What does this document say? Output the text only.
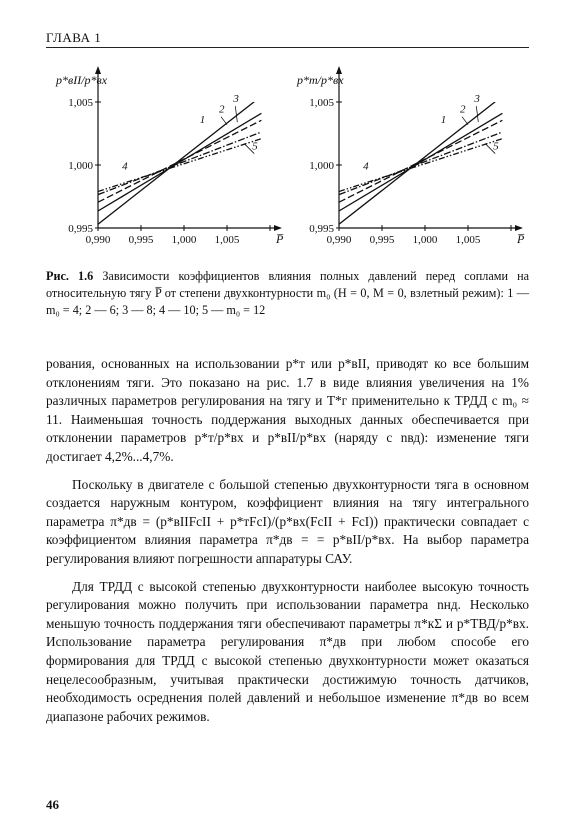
ГЛАВА 1
0,995
1,000
1,005
0,990 0,995 1,000 1,005
p*вII/p*вх
P̅
1
2
3
4
5
0,995
1,000
1,005
0,990 0,995 1,000 1,005
p*т/p*вх
P̅
1
2
3
4
5
Рис. 1.6 Зависимости коэффициентов влияния полных давлений перед соплами на относительную тягу P̅ от степени двухконтурности m₀ (H = 0, M = 0, взлетный режим): 1 — m₀ = 4; 2 — 6; 3 — 8; 4 — 10; 5 — m₀ = 12

рования, основанных на использовании p*т или p*вII, приводят ко все большим отклонениям тяги. Это показано на рис. 1.7 в виде влияния увеличения на 1% различных параметров регулирования на тягу и T*г применительно к ТРДД с m₀ ≈ 11. Наименьшая точность поддержания выходных данных обеспечивается при отклонении параметров p*т/p*вх и p*вII/p*вх (наряду с nвд): изменение тяги достигает 4,2%...4,7%.

Поскольку в двигателе с большой степенью двухконтурности тяга в основном создается наружным контуром, коэффициент влияния на тягу интегрального параметра π*дв = (p*вIIFcII + p*тFcI)/(p*вх(FcII + FcI)) практически совпадает с коэффициентом влияния параметра π*дв = = p*вII/p*вх. На выбор параметра регулирования влияют погрешности аппаратуры САУ.

Для ТРДД с высокой степенью двухконтурности наиболее высокую точность регулирования можно получить при использовании параметра nнд. Несколько меньшую точность поддержания тяги обеспечивают параметры π*кΣ и p*ТВД/p*вх. Использование параметра регулирования π*дв при любом способе его формирования для ТРДД с высокой степенью двухконтурности может оказаться нецелесообразным, учитывая практически достижимую точность датчиков, необходимость осреднения полей давлений и небольшое изменение π*дв во всем диапазоне рабочих режимов.

46
